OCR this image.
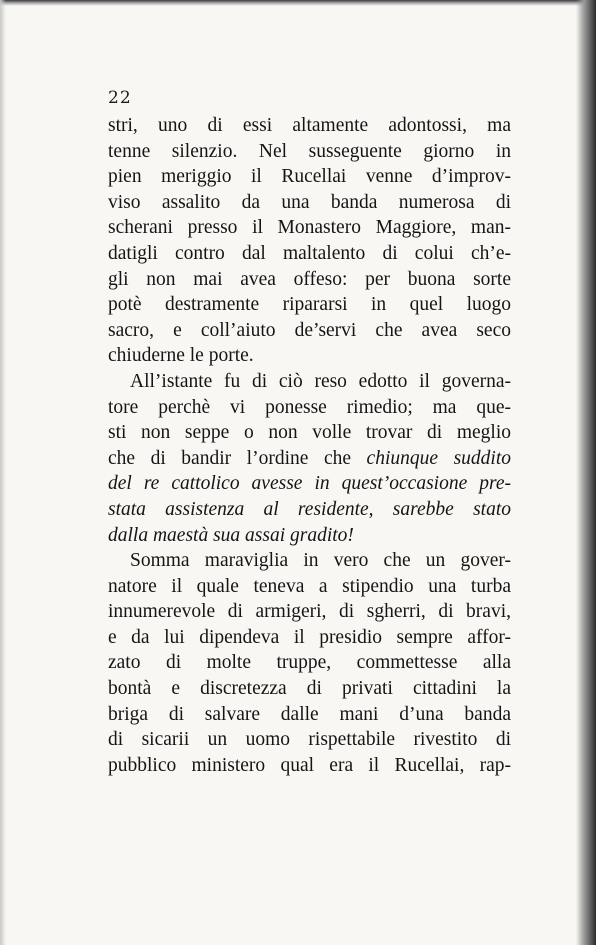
22
stri, uno di essi altamente adontossi, ma
tenne silenzio. Nel susseguente giorno in
pien meriggio il Rucellai venne d’improv-
viso assalito da una banda numerosa di
scherani presso il Monastero Maggiore, man-
datigli contro dal maltalento di colui ch’e-
gli non mai avea offeso: per buona sorte
potè destramente ripararsi in quel luogo
sacro, e coll’aiuto de’servi che avea seco
chiuderne le porte.
All’istante fu di ciò reso edotto il governa-
tore perchè vi ponesse rimedio; ma que-
sti non seppe o non volle trovar di meglio
che di bandir l’ordine che chiunque suddito
del re cattolico avesse in quest’occasione pre-
stata assistenza al residente, sarebbe stato
dalla maestà sua assai gradito!
Somma maraviglia in vero che un gover-
natore il quale teneva a stipendio una turba
innumerevole di armigeri, di sgherri, di bravi,
e da lui dipendeva il presidio sempre affor-
zato di molte truppe, commettesse alla
bontà e discretezza di privati cittadini la
briga di salvare dalle mani d’una banda
di sicarii un uomo rispettabile rivestito di
pubblico ministero qual era il Rucellai, rap-
